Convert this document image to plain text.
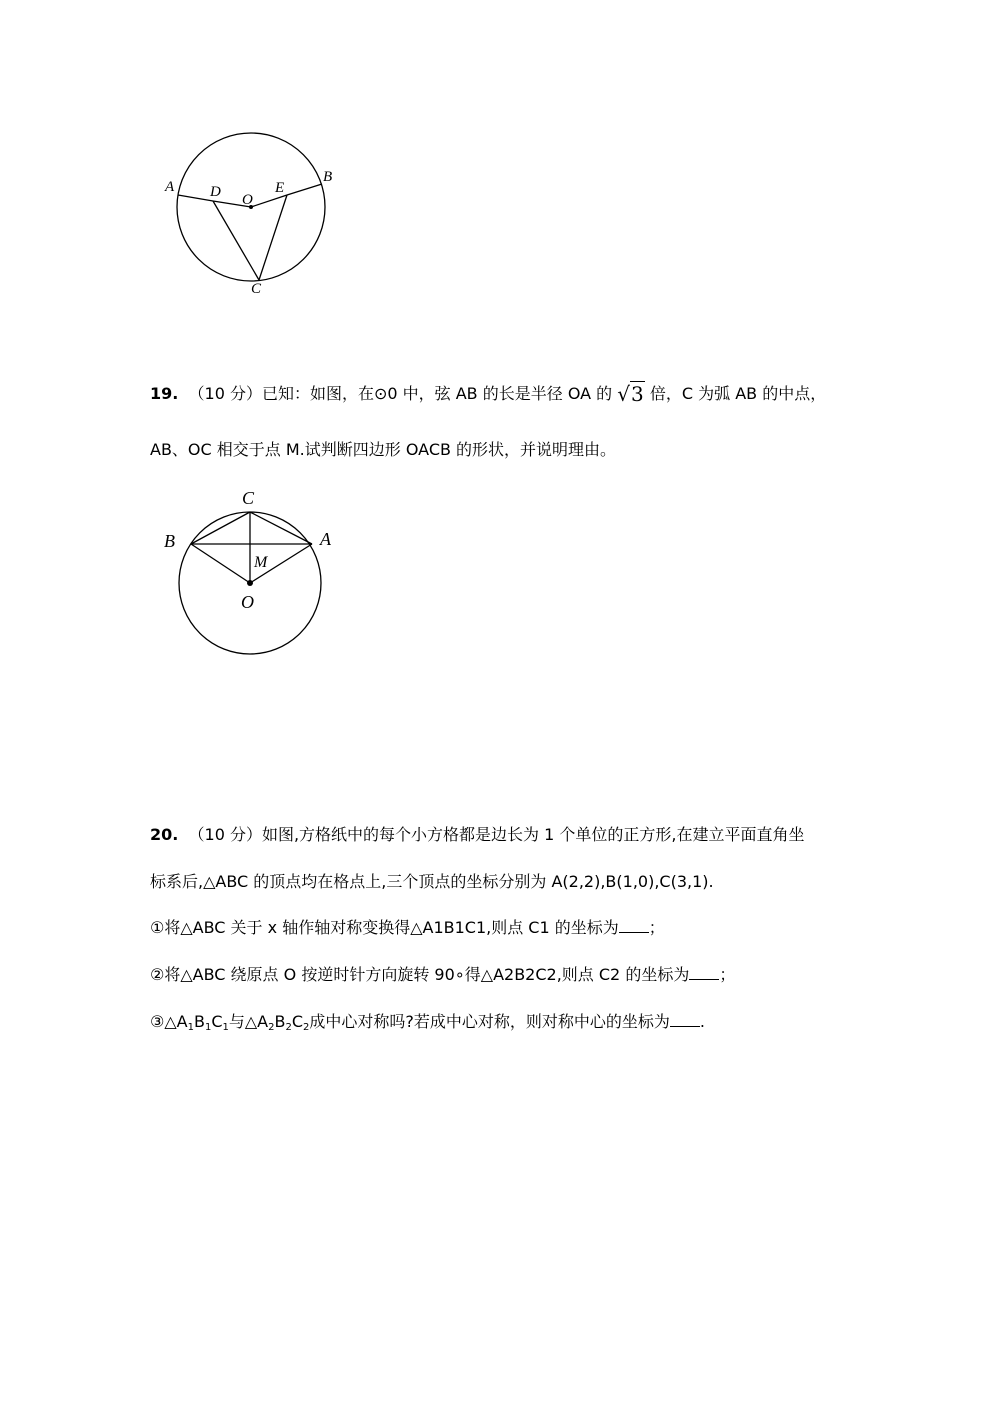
A D O
E
B
C
19. （10 分）已知：如图，在⊙0 中，弦 AB 的长是半径 OA 的 √3 倍，C 为弧 AB 的中点，
AB、OC 相交于点 M.试判断四边形 OACB 的形状，并说明理由。
C
B	A
M
O
20. （10 分）如图,方格纸中的每个小方格都是边长为 1 个单位的正方形,在建立平面直角坐
标系后,△ABC 的顶点均在格点上,三个顶点的坐标分别为 A(2,2),B(1,0),C(3,1).
①将△ABC 关于 x 轴作轴对称变换得△A1B1C1,则点 C1 的坐标为 ；
②将△ABC 绕原点 O 按逆时针方向旋转 90∘得△A2B2C2,则点 C2 的坐标为 ；
$③\triangle A_1B_1C_1$与$\triangle A_2B_2C_2$成中心对称吗?若成中心对称，则对称中心的坐标为 .
